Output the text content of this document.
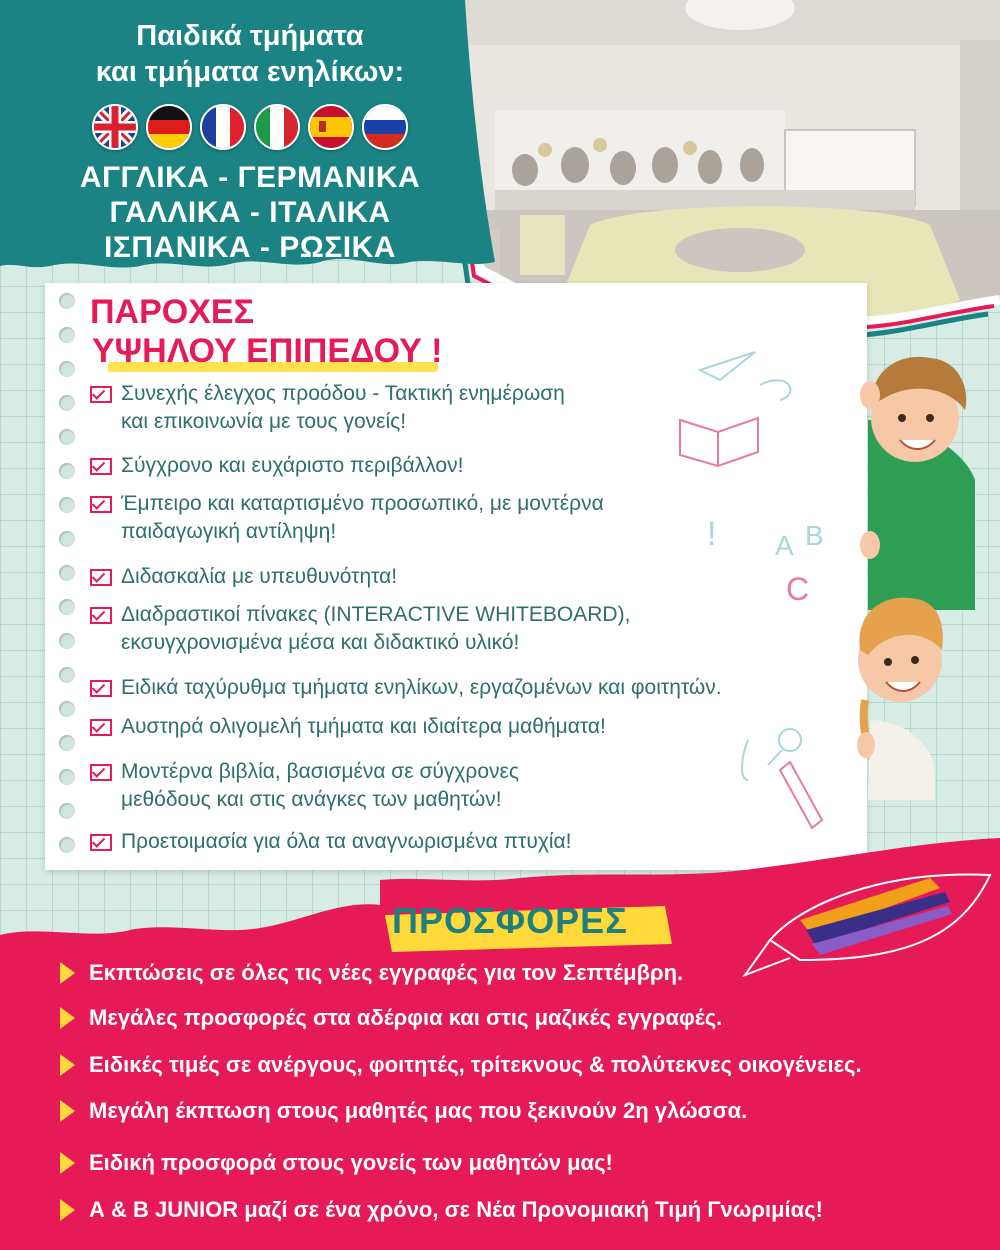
Παιδικά τμήματα

και τμήματα ενηλίκων:

ΑΓΓΛΙΚΑ - ΓΕΡΜΑΝΙΚΑ
ΓΑΛΛΙΚΑ - ΙΤΑΛΙΚΑ
ΙΣΠΑΝΙΚΑ - ΡΩΣΙΚΑ

ΠΑΡΟΧΕΣ

ΥΨΗΛΟΥ ΕΠΙΠΕΔΟΥ !

Συνεχής έλεγχος προόδου - Τακτική ενημέρωση
και επικοινωνία με τους γονείς!
Σύγχρονο και ευχάριστο περιβάλλον!
Έμπειρο και καταρτισμένο προσωπικό, με μοντέρνα
παιδαγωγική αντίληψη!
Διδασκαλία με υπευθυνότητα!
Διαδραστικοί πίνακες (INTERACTIVE WHITEBOARD),
εκσυγχρονισμένα μέσα και διδακτικό υλικό!
Ειδικά ταχύρυθμα τμήματα ενηλίκων, εργαζομένων και φοιτητών.
Αυστηρά ολιγομελή τμήματα και ιδιαίτερα μαθήματα!
Μοντέρνα βιβλία, βασισμένα σε σύγχρονες
μεθόδους και στις ανάγκες των μαθητών!
Προετοιμασία για όλα τα αναγνωρισμένα πτυχία!
A B
!
C

ΠΡΟΣΦΟΡΕΣ

Εκπτώσεις σε όλες τις νέες εγγραφές για τον Σεπτέμβρη.
Μεγάλες προσφορές στα αδέρφια και στις μαζικές εγγραφές.
Ειδικές τιμές σε ανέργους, φοιτητές, τρίτεκνους & πολύτεκνες οικογένειες.
Μεγάλη έκπτωση στους μαθητές μας που ξεκινούν 2η γλώσσα.
Ειδική προσφορά στους γονείς των μαθητών μας!
Α & Β JUNIOR μαζί σε ένα χρόνο, σε Νέα Προνομιακή Τιμή Γνωριμίας!
